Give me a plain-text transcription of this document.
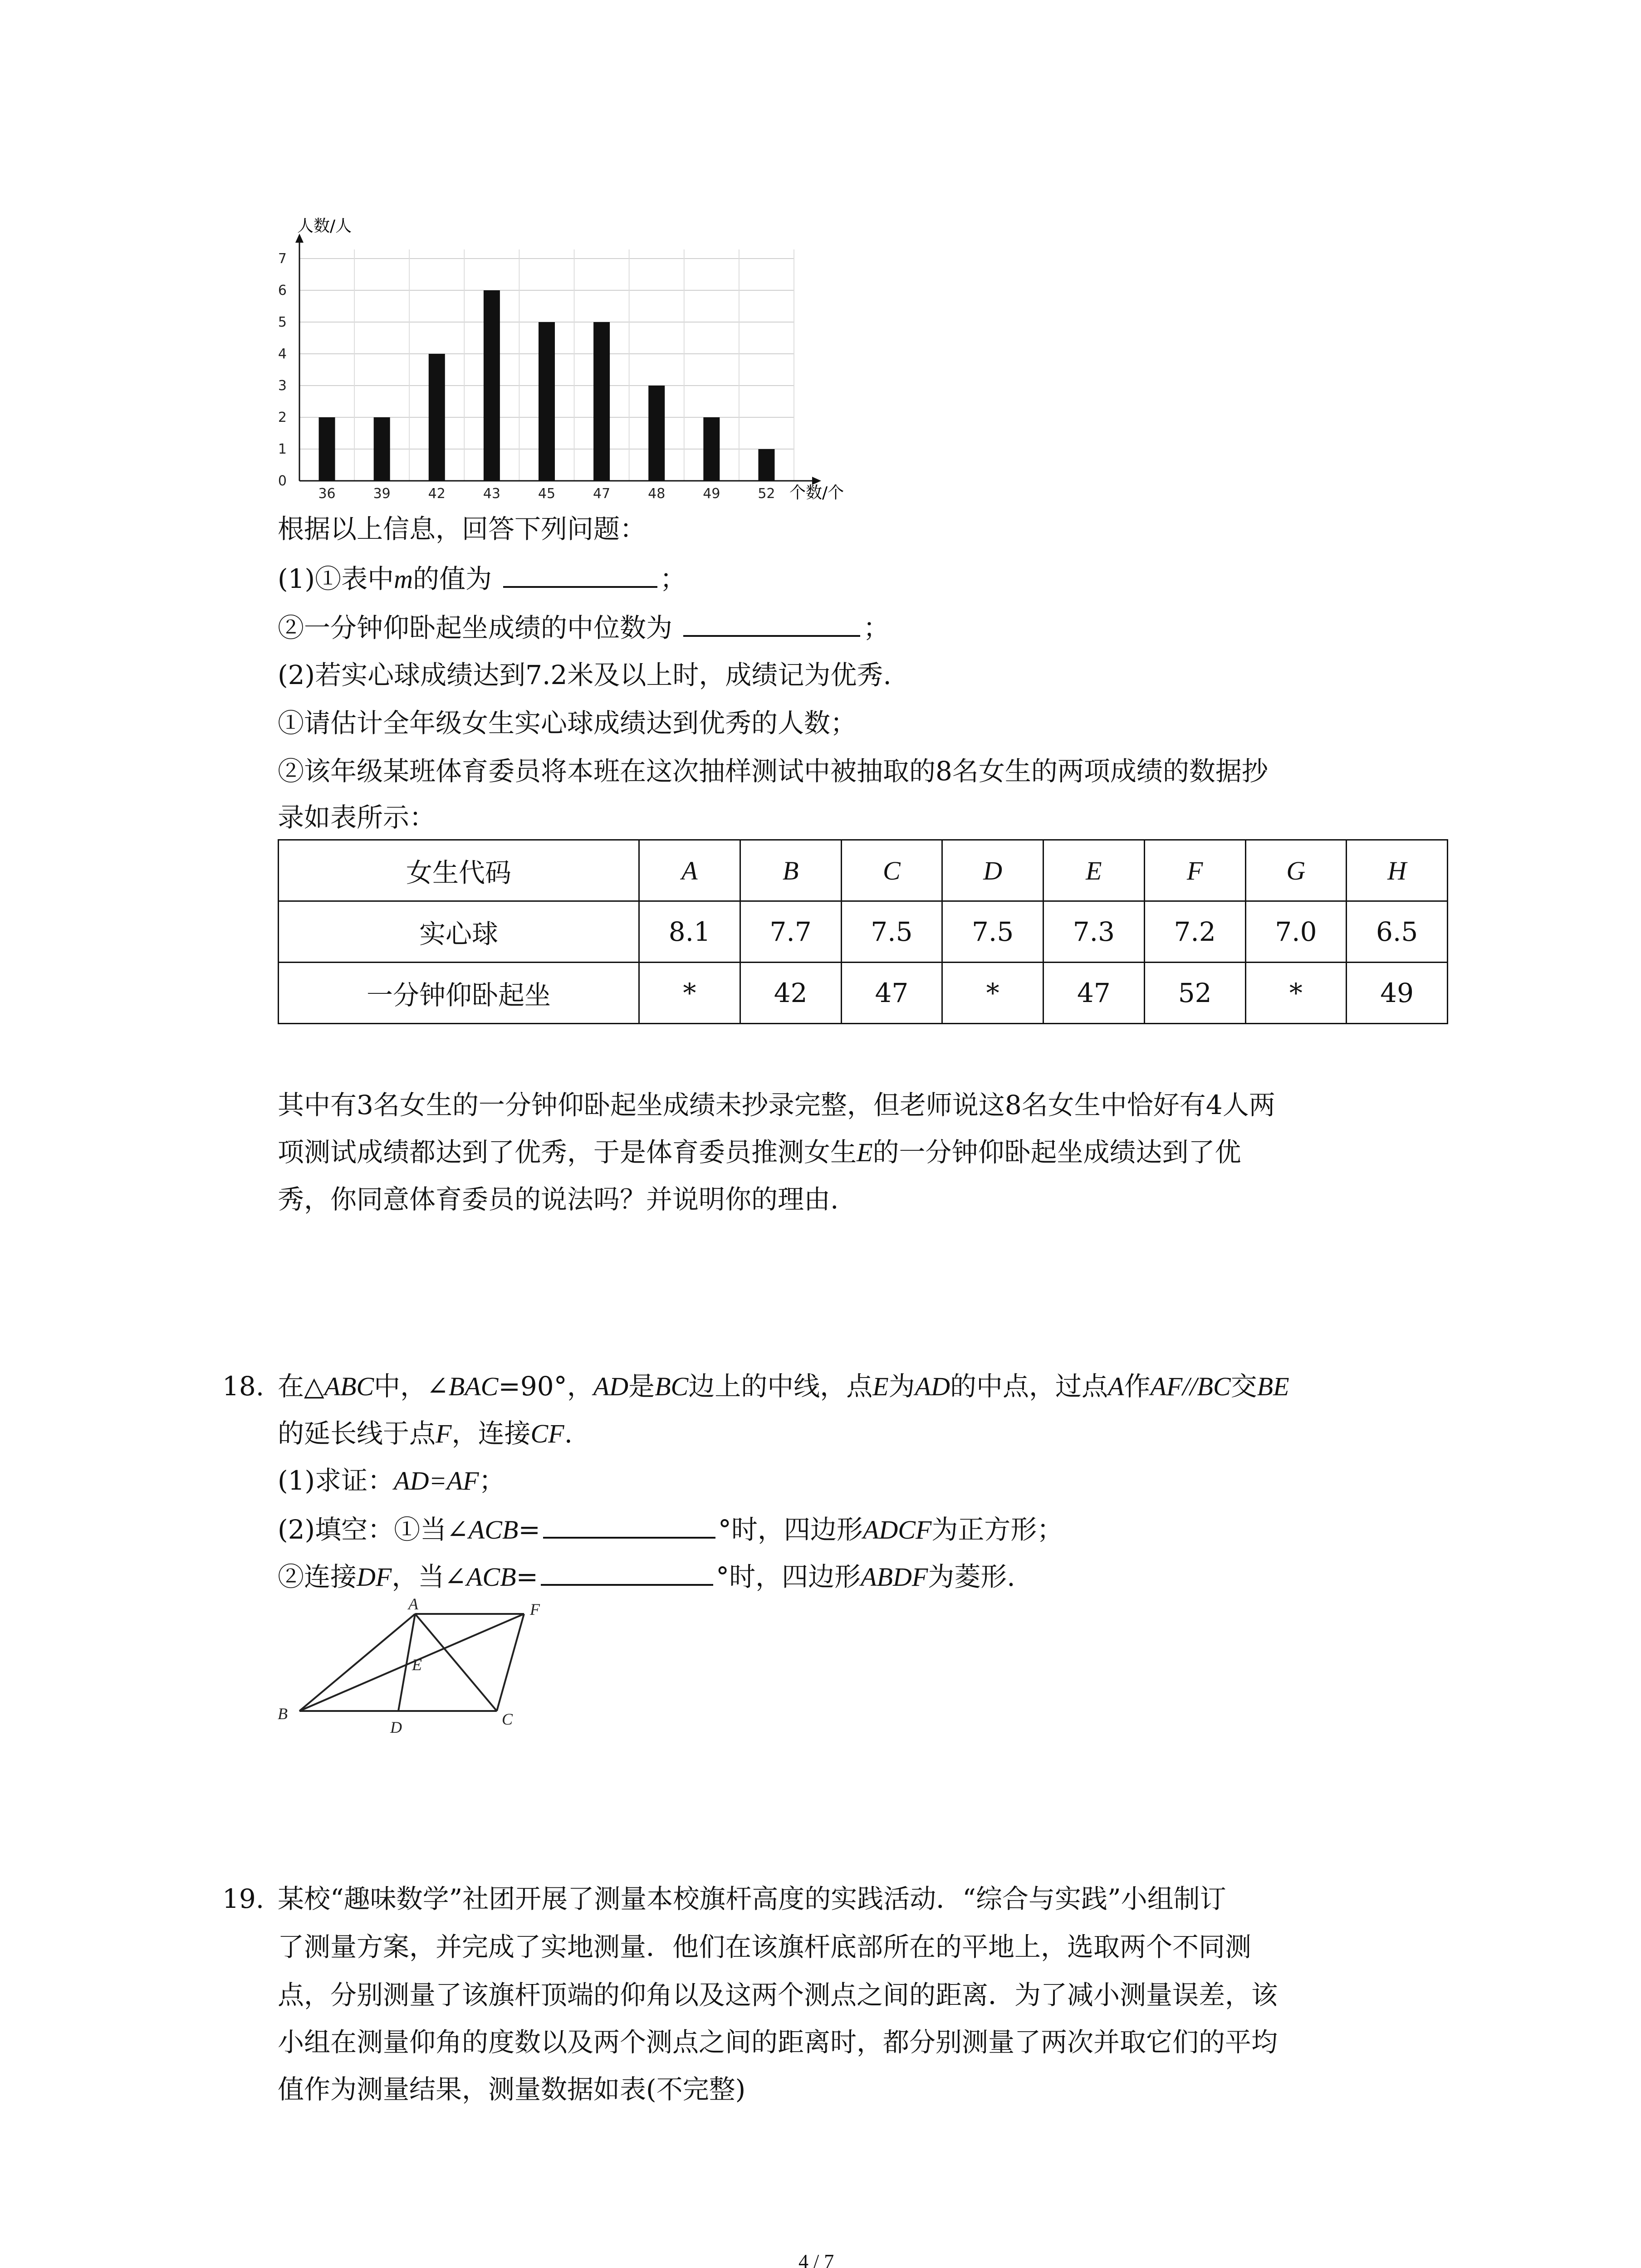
36	39	42	43	45	47	48	49	52
0
1
2
3
4
5
6
7
人数/人
个数/个
根据以上信息，回答下列问题：
(1)①表中m的值为	；
②一分钟仰卧起坐成绩的中位数为	；
(2)若实心球成绩达到7.2米及以上时，成绩记为优秀.
①请估计全年级女生实心球成绩达到优秀的人数；
②该年级某班体育委员将本班在这次抽样测试中被抽取的8名女生的两项成绩的数据抄
录如表所示：
女生代码	A	B	C	D	E	F	G	H
实心球	8.1	7.7	7.5	7.5	7.3	7.2	7.0	6.5
一分钟仰卧起坐	*	42	47	*	47	52	*	49
其中有3名女生的一分钟仰卧起坐成绩未抄录完整，但老师说这8名女生中恰好有4人两
项测试成绩都达到了优秀，于是体育委员推测女生E的一分钟仰卧起坐成绩达到了优
秀，你同意体育委员的说法吗？并说明你的理由.
18. 在△ABC中，∠BAC=90°，AD是BC边上的中线，点E为AD的中点，过点A作AF//BC交BE
的延长线于点F，连接CF.
(1)求证：AD=AF；
(2)填空：①当∠ACB=	°时，四边形ADCF为正方形；
②连接DF，当∠ACB=	°时，四边形ABDF为菱形.
A	F
E
B
D	C
19. 某校“趣味数学”社团开展了测量本校旗杆高度的实践活动．“综合与实践”小组制订
了测量方案，并完成了实地测量．他们在该旗杆底部所在的平地上，选取两个不同测
点，分别测量了该旗杆顶端的仰角以及这两个测点之间的距离．为了减小测量误差，该
小组在测量仰角的度数以及两个测点之间的距离时，都分别测量了两次并取它们的平均
值作为测量结果，测量数据如表(不完整)
4 / 7
